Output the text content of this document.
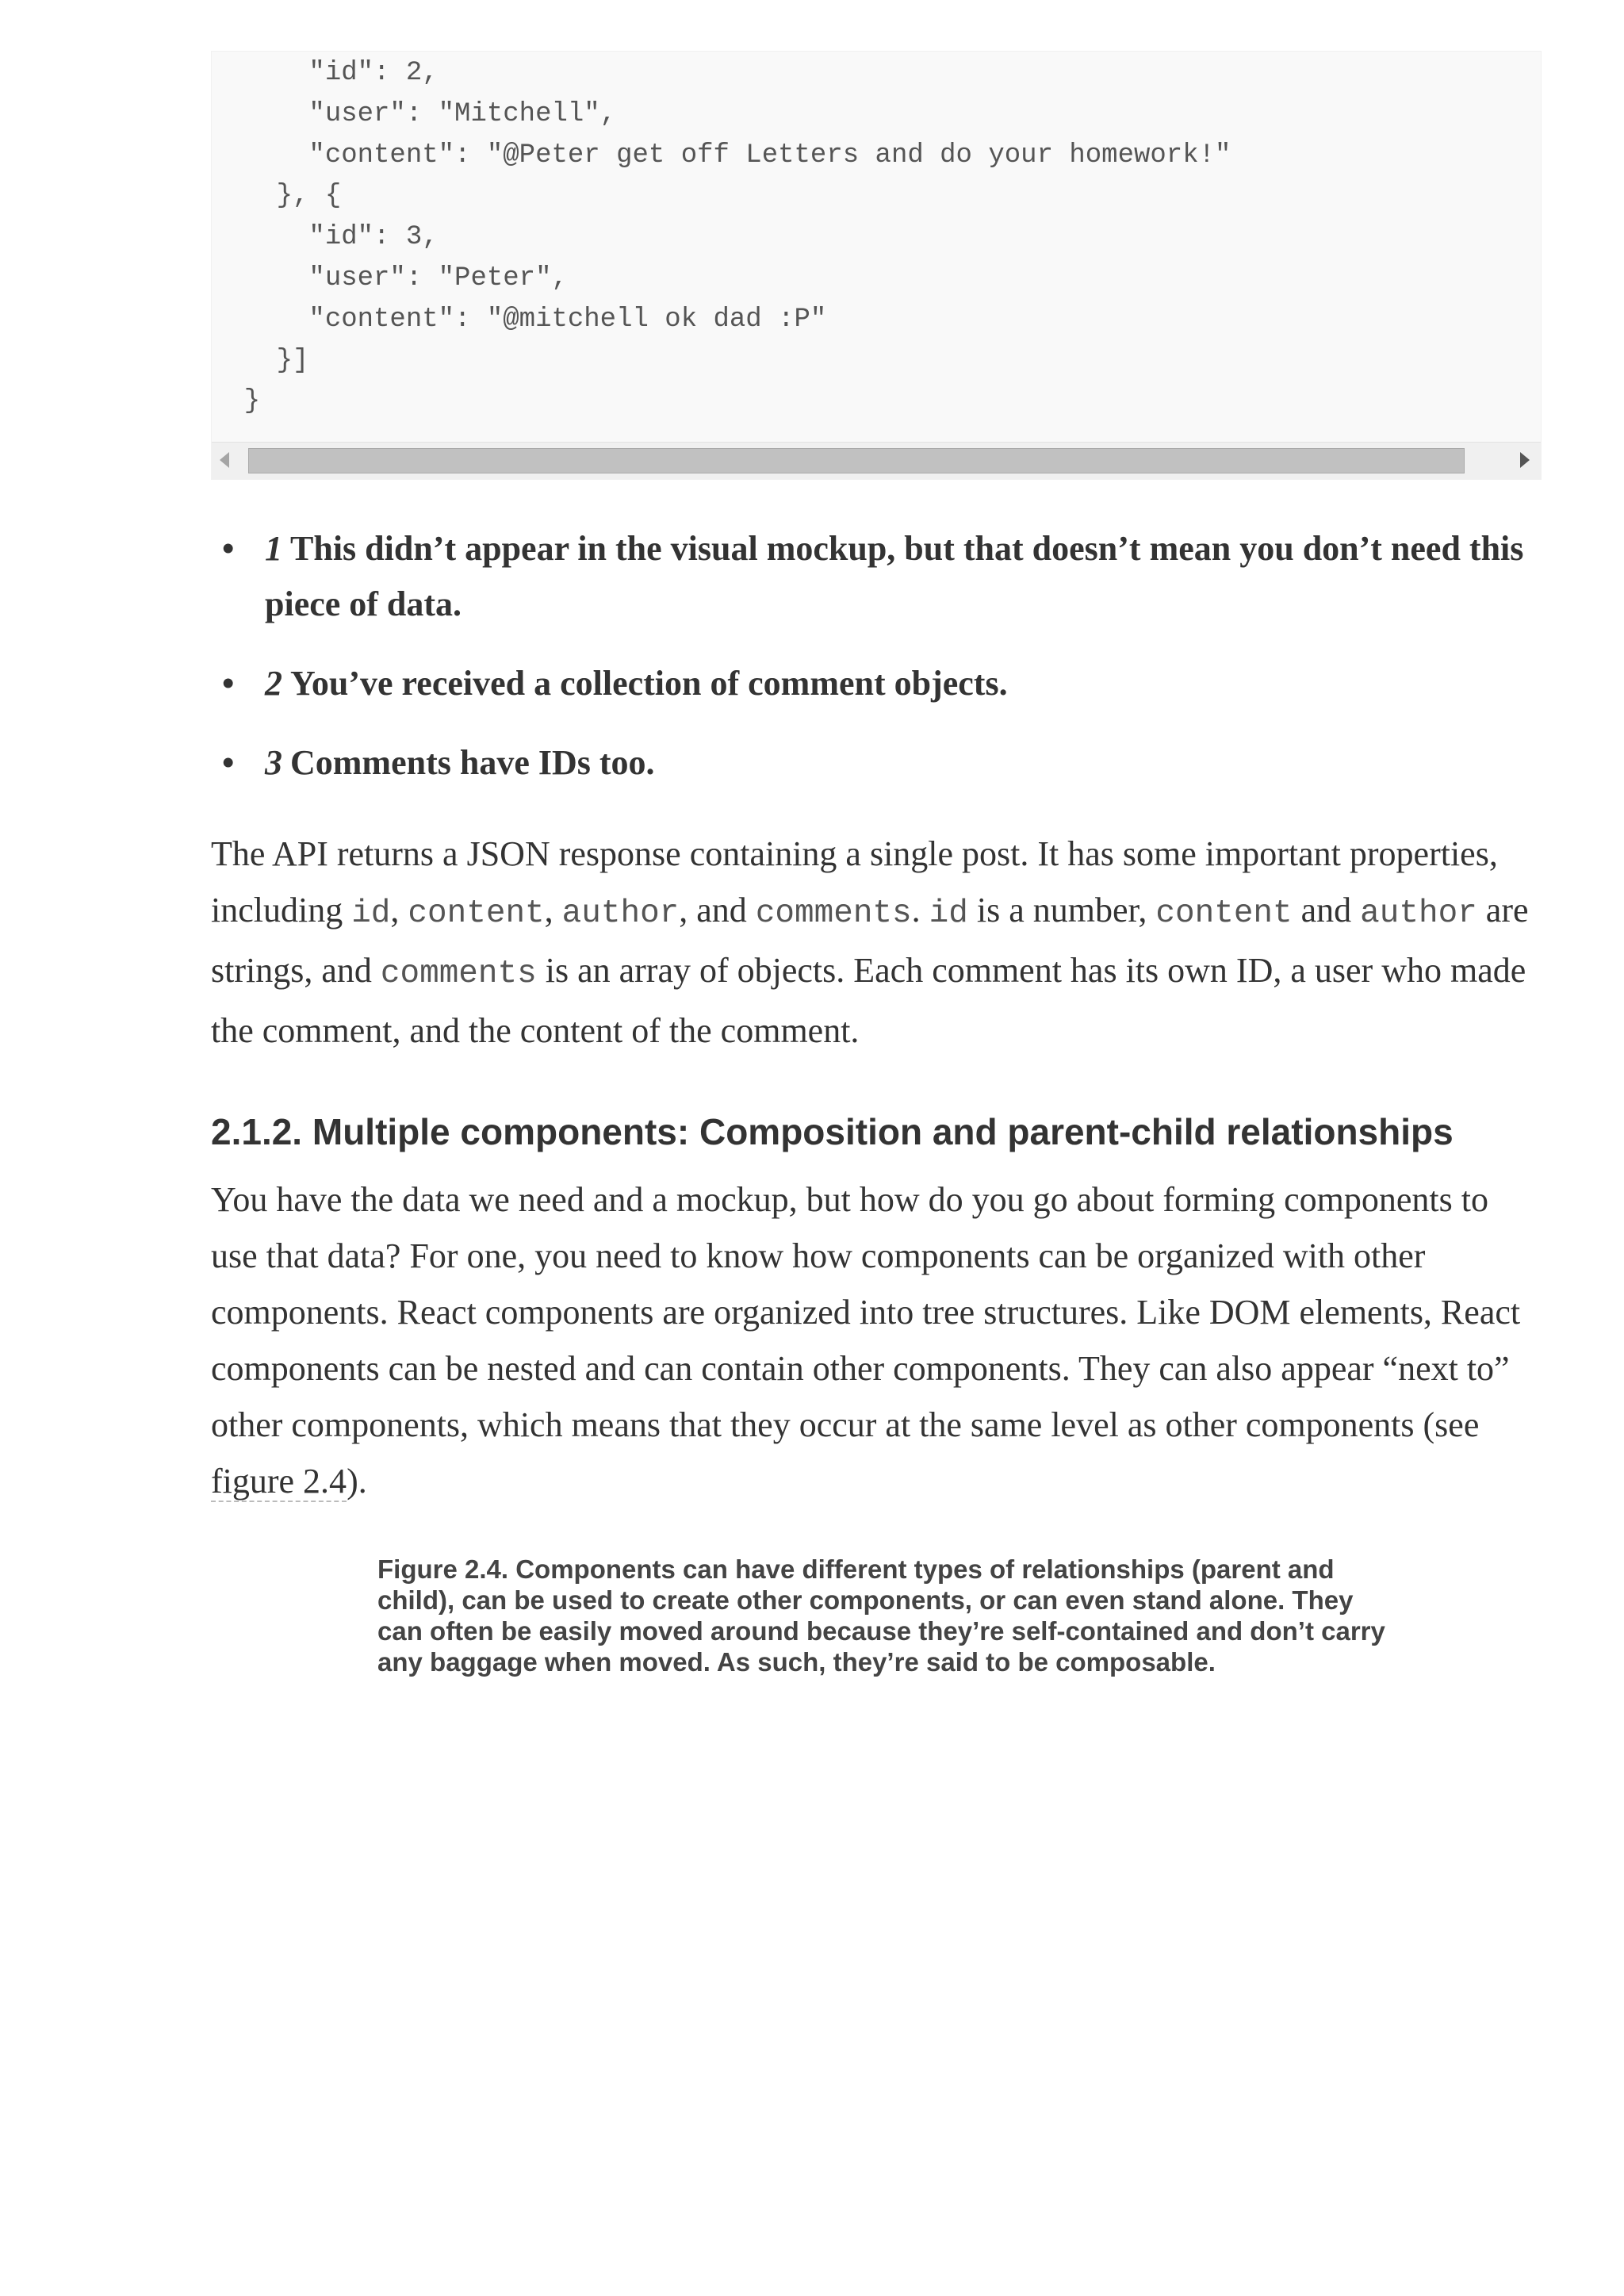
"id": 2,
"user": "Mitchell",
"content": "@Peter get off Letters and do your homework!"
}, {
"id": 3,
"user": "Peter",
"content": "@mitchell ok dad :P"
}]
}
• 1 This didn’t appear in the visual mockup, but that doesn’t mean you don’t need this piece of data.
• 2 You’ve received a collection of comment objects.
• 3 Comments have IDs too.

The API returns a JSON response containing a single post. It has some important properties, including id, content, author, and comments. id is a number, content and author are strings, and comments is an array of objects. Each comment has its own ID, a user who made the comment, and the content of the comment.

2.1.2. Multiple components: Composition and parent-child relationships

You have the data we need and a mockup, but how do you go about forming components to use that data? For one, you need to know how components can be organized with other components. React components are organized into tree structures. Like DOM elements, React components can be nested and can contain other components. They can also appear “next to” other components, which means that they occur at the same level as other components (see figure 2.4).

Figure 2.4. Components can have different types of relationships (parent and child), can be used to create other components, or can even stand alone. They can often be easily moved around because they’re self-contained and don’t carry any baggage when moved. As such, they’re said to be composable.
